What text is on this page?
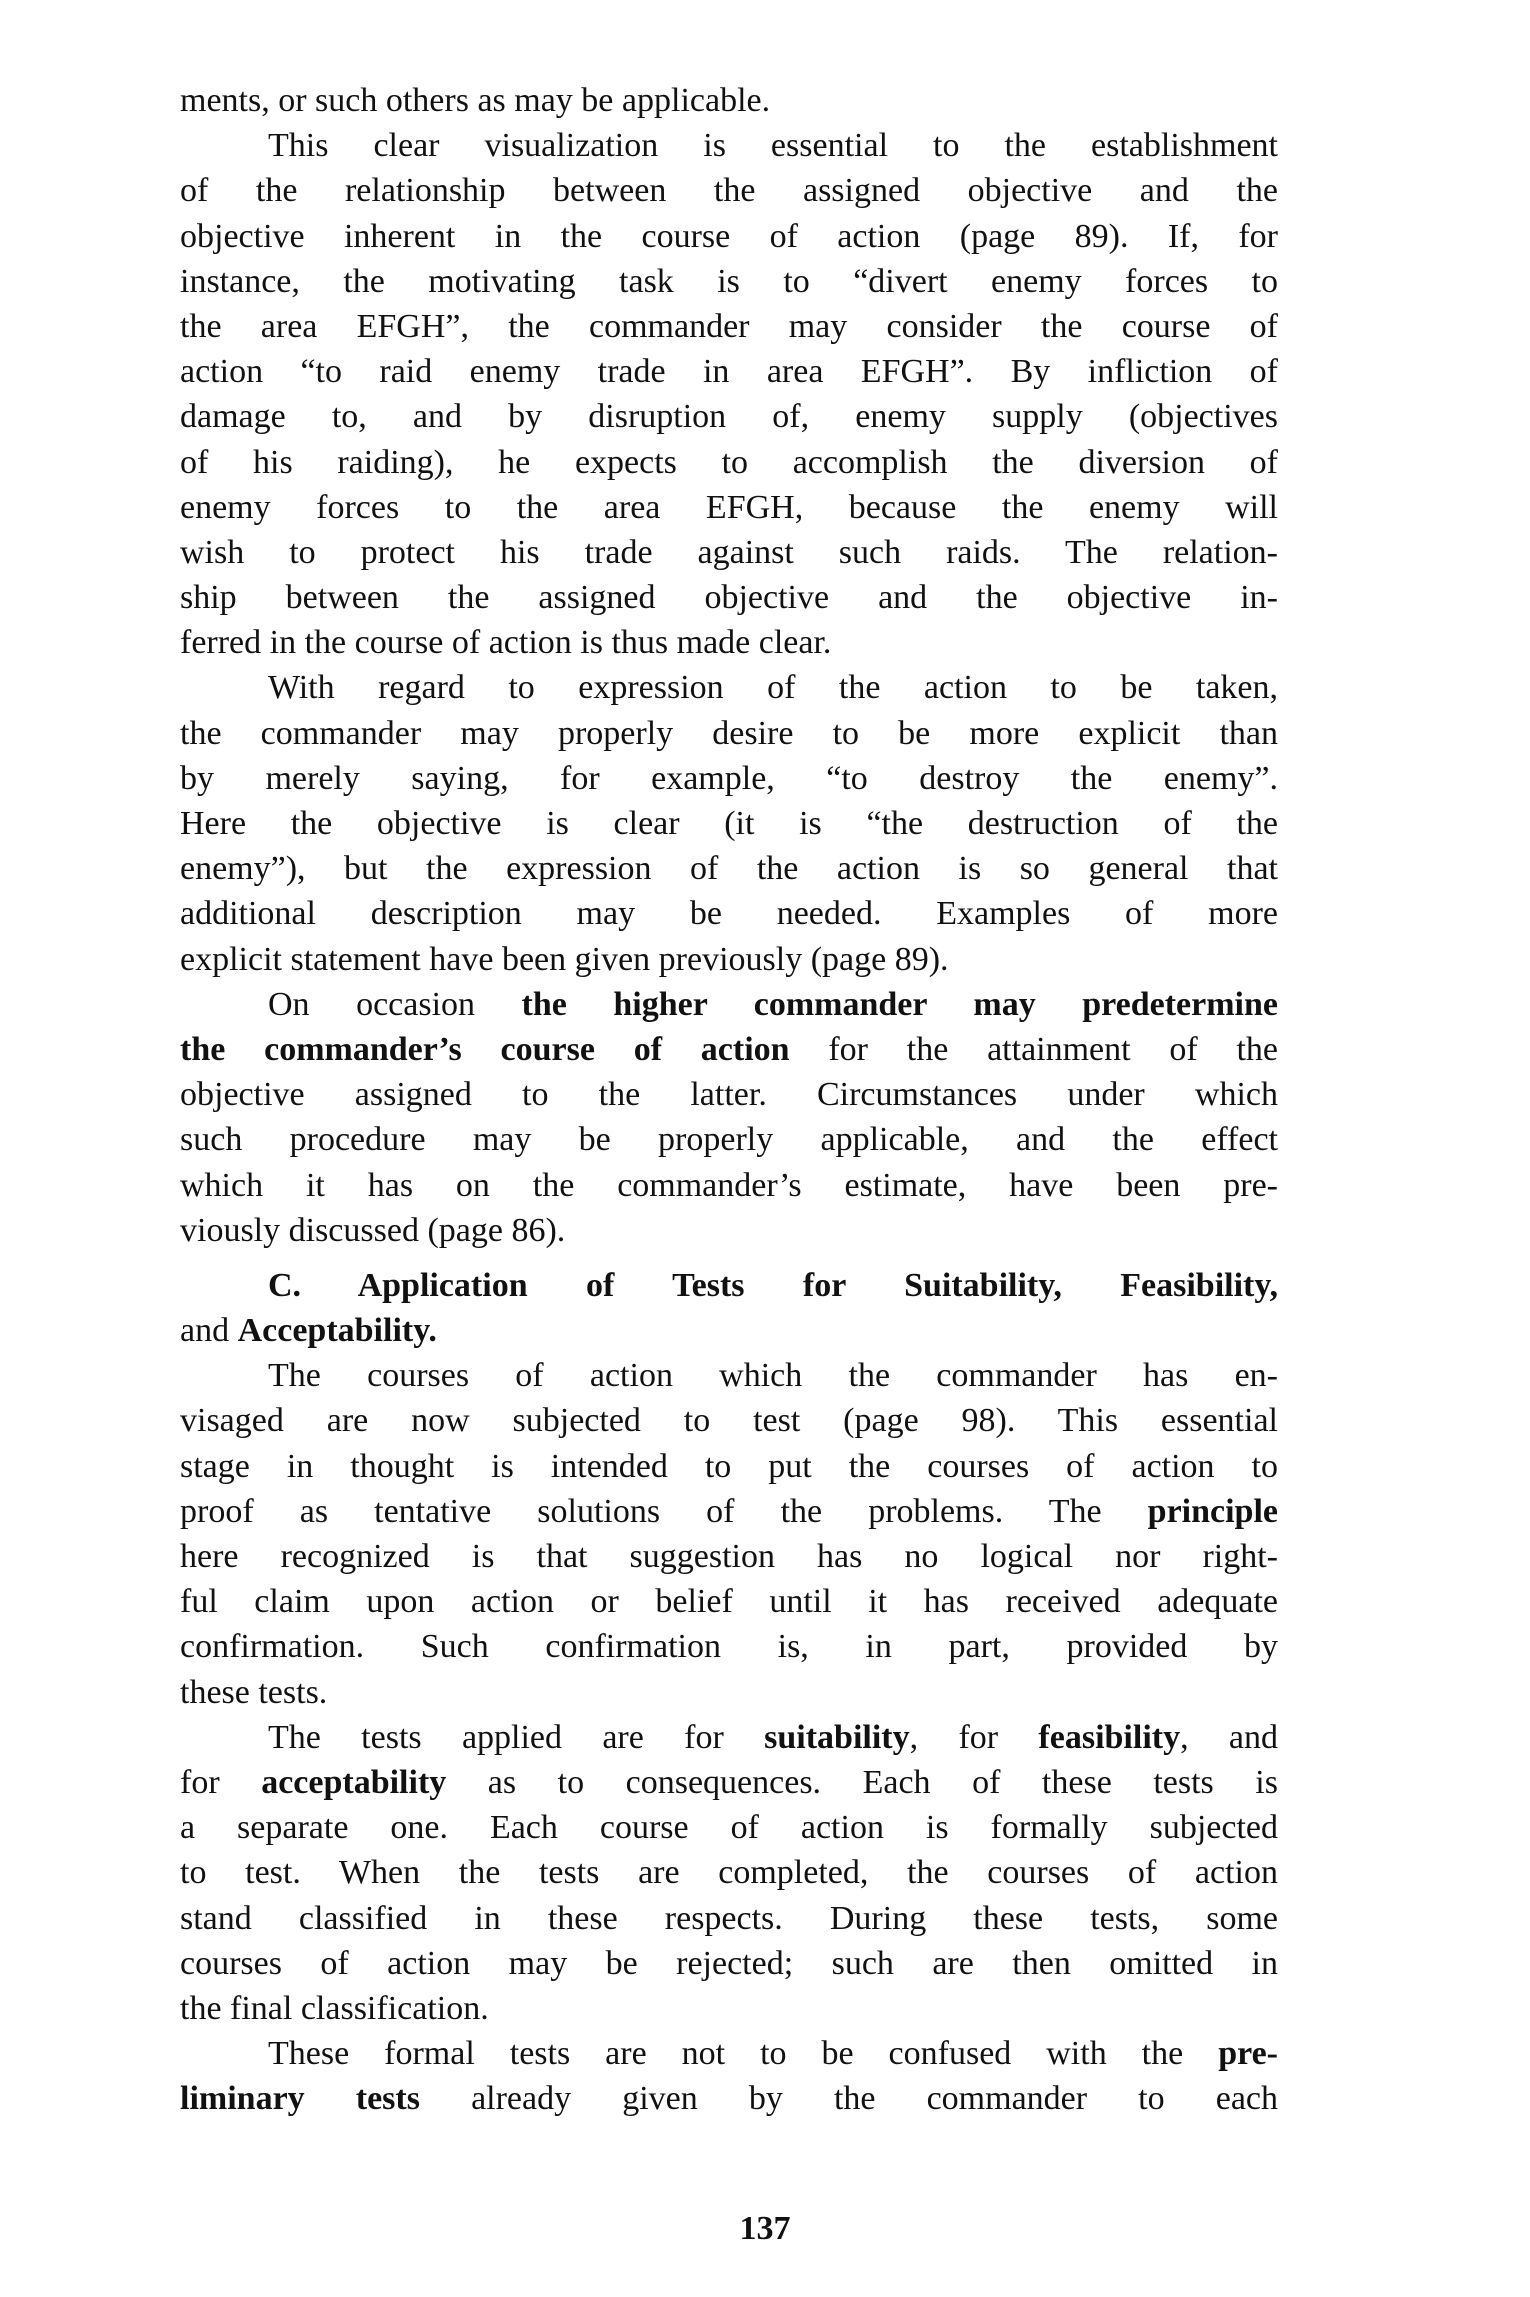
ments, or such others as may be applicable.
This clear visualization is essential to the establishment
of the relationship between the assigned objective and the
objective inherent in the course of action (page 89). If, for
instance, the motivating task is to “divert enemy forces to
the area EFGH”, the commander may consider the course of
action “to raid enemy trade in area EFGH”. By infliction of
damage to, and by disruption of, enemy supply (objectives
of his raiding), he expects to accomplish the diversion of
enemy forces to the area EFGH, because the enemy will
wish to protect his trade against such raids. The relation-
ship between the assigned objective and the objective in-
ferred in the course of action is thus made clear.
With regard to expression of the action to be taken,
the commander may properly desire to be more explicit than
by merely saying, for example, “to destroy the enemy”.
Here the objective is clear (it is “the destruction of the
enemy”), but the expression of the action is so general that
additional description may be needed. Examples of more
explicit statement have been given previously (page 89).
On occasion the higher commander may predetermine
the commander’s course of action for the attainment of the
objective assigned to the latter. Circumstances under which
such procedure may be properly applicable, and the effect
which it has on the commander’s estimate, have been pre-
viously discussed (page 86).
C. Application of Tests for Suitability, Feasibility,
and Acceptability.
The courses of action which the commander has en-
visaged are now subjected to test (page 98). This essential
stage in thought is intended to put the courses of action to
proof as tentative solutions of the problems. The principle
here recognized is that suggestion has no logical nor right-
ful claim upon action or belief until it has received adequate
confirmation. Such confirmation is, in part, provided by
these tests.
The tests applied are for suitability, for feasibility, and
for acceptability as to consequences. Each of these tests is
a separate one. Each course of action is formally subjected
to test. When the tests are completed, the courses of action
stand classified in these respects. During these tests, some
courses of action may be rejected; such are then omitted in
the final classification.
These formal tests are not to be confused with the pre-
liminary tests already given by the commander to each
137
